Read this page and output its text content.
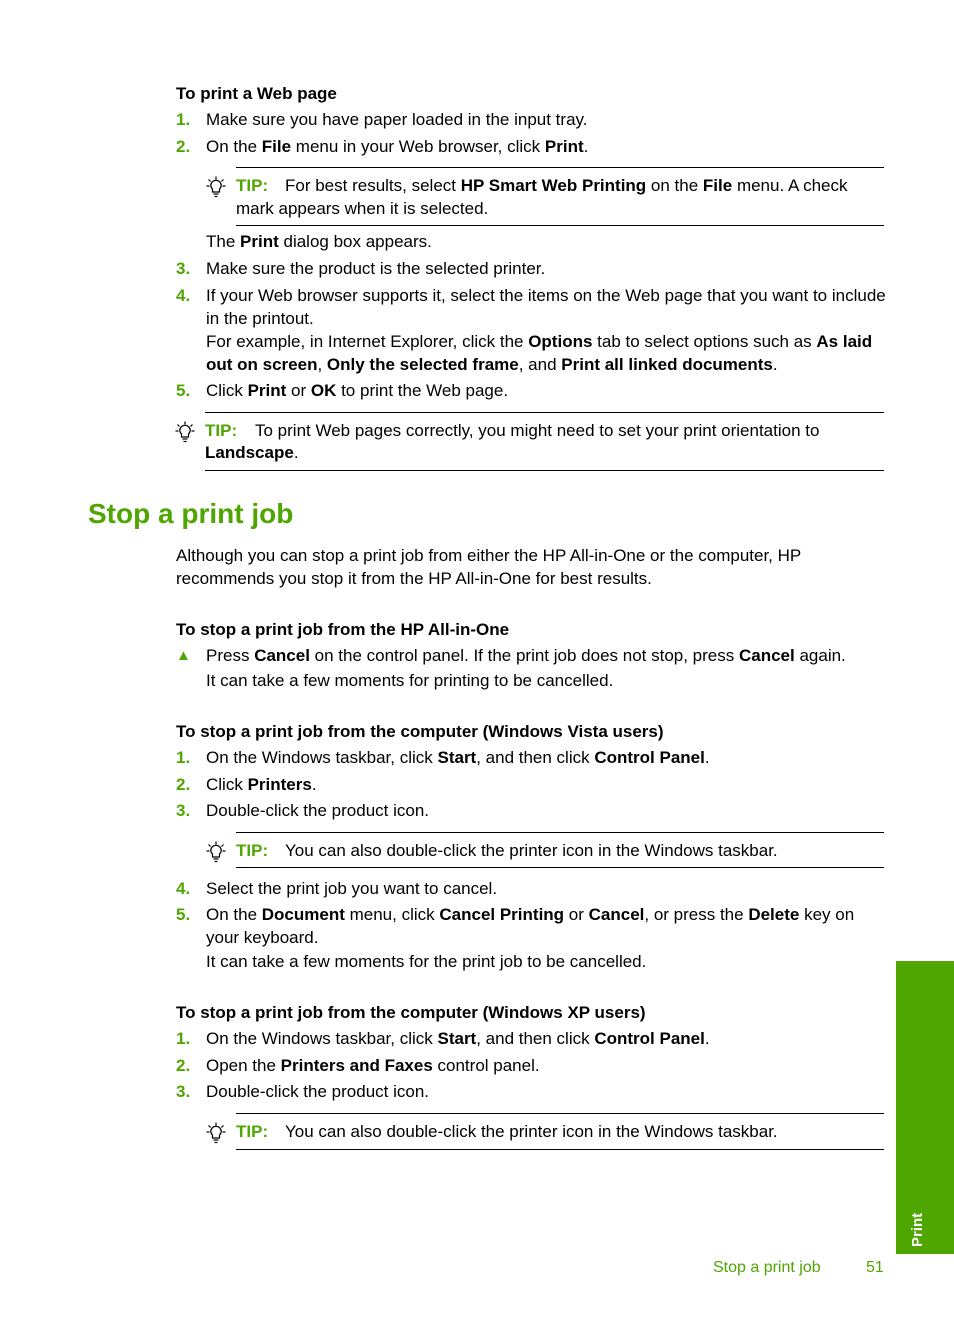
To print a Web page
1. Make sure you have paper loaded in the input tray.
2. On the File menu in your Web browser, click Print.
TIP: For best results, select HP Smart Web Printing on the File menu. A check
mark appears when it is selected.
The Print dialog box appears.
3. Make sure the product is the selected printer.
4. If your Web browser supports it, select the items on the Web page that you want to include in the printout.
For example, in Internet Explorer, click the Options tab to select options such as As laid out on screen, Only the selected frame, and Print all linked documents.
5. Click Print or OK to print the Web page.
TIP: To print Web pages correctly, you might need to set your print orientation to
Landscape.
Stop a print job
Although you can stop a print job from either the HP All-in-One or the computer, HP recommends you stop it from the HP All-in-One for best results.
To stop a print job from the HP All-in-One
▲ Press Cancel on the control panel. If the print job does not stop, press Cancel again.
It can take a few moments for printing to be cancelled.
To stop a print job from the computer (Windows Vista users)
1. On the Windows taskbar, click Start, and then click Control Panel.
2. Click Printers.
3. Double-click the product icon.
TIP: You can also double-click the printer icon in the Windows taskbar.
4. Select the print job you want to cancel.
5. On the Document menu, click Cancel Printing or Cancel, or press the Delete key on your keyboard.
It can take a few moments for the print job to be cancelled.
To stop a print job from the computer (Windows XP users)
1. On the Windows taskbar, click Start, and then click Control Panel.
2. Open the Printers and Faxes control panel.
3. Double-click the product icon.
TIP: You can also double-click the printer icon in the Windows taskbar.
Print
Stop a print job	51
